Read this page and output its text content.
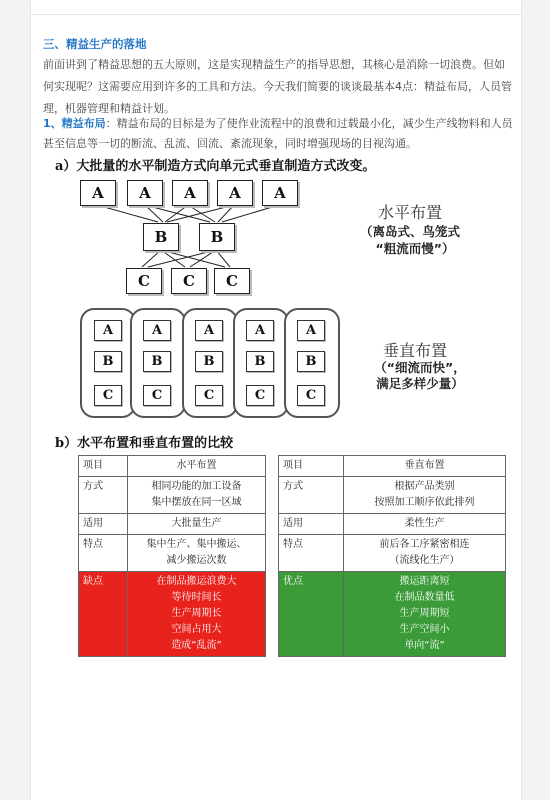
三、精益生产的落地
前面讲到了精益思想的五大原则，这是实现精益生产的指导思想，其核心是消除一切浪费。但如何实现呢？这需要应用到许多的工具和方法。今天我们简要的谈谈最基本4点：精益布局，人员管理，机器管理和精益计划。
1、精益布局：精益布局的目标是为了使作业流程中的浪费和过载最小化，减少生产线物料和人员甚至信息等一切的断流、乱流、回流、紊流现象，同时增强现场的目视沟通。
a）大批量的水平制造方式向单元式垂直制造方式改变。
A	A	A	A	A
B	B
C	C	C
水平布置
（离岛式、鸟笼式
“粗流而慢”）
A
B
C
A
B
C
A
B
C
A
B
C
A
B
C
垂直布置
（“细流而快”，
满足多样少量）
b）水平布置和垂直布置的比较
项目	水平布置
方式	相同功能的加工设备
集中摆放在同一区域
适用	大批量生产
特点	集中生产、集中搬运、
减少搬运次数
缺点	在制品搬运浪费大
等待时间长
生产周期长
空间占用大
造成“乱流”
项目	垂直布置
方式	根据产品类别
按照加工顺序依此排列
适用	柔性生产
特点	前后各工序紧密相连
（流线化生产）
优点	搬运距离短
在制品数量低
生产周期短
生产空间小
单向“流”
